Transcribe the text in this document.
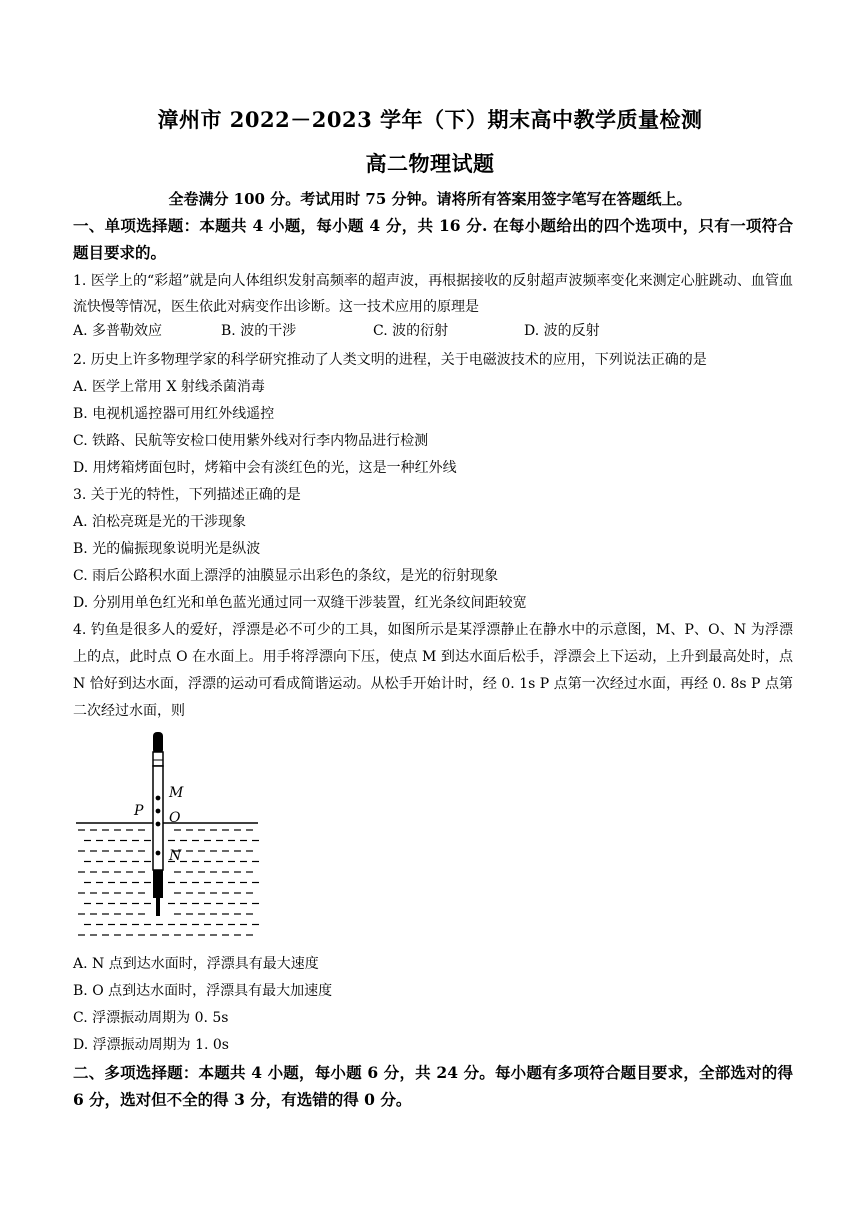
漳州市 2022－2023 学年（下）期末高中教学质量检测
高二物理试题
全卷满分 100 分。考试用时 75 分钟。请将所有答案用签字笔写在答题纸上。
一、单项选择题：本题共 4 小题，每小题 4 分，共 16 分. 在每小题给出的四个选项中，只有一项符合题目要求的。
1. 医学上的“彩超”就是向人体组织发射高频率的超声波，再根据接收的反射超声波频率变化来测定心脏跳动、血管血流快慢等情况，医生依此对病变作出诊断。这一技术应用的原理是
A. 多普勒效应	B. 波的干涉	C. 波的衍射	D. 波的反射
2. 历史上许多物理学家的科学研究推动了人类文明的进程，关于电磁波技术的应用，下列说法正确的是
A. 医学上常用 X 射线杀菌消毒
B. 电视机遥控器可用红外线遥控
C. 铁路、民航等安检口使用紫外线对行李内物品进行检测
D. 用烤箱烤面包时，烤箱中会有淡红色的光，这是一种红外线
3. 关于光的特性，下列描述正确的是
A. 泊松亮斑是光的干涉现象
B. 光的偏振现象说明光是纵波
C. 雨后公路积水面上漂浮的油膜显示出彩色的条纹，是光的衍射现象
D. 分别用单色红光和单色蓝光通过同一双缝干涉装置，红光条纹间距较宽
4. 钓鱼是很多人的爱好，浮漂是必不可少的工具，如图所示是某浮漂静止在静水中的示意图，M、P、O、N 为浮漂上的点，此时点 O 在水面上。用手将浮漂向下压，使点 M 到达水面后松手，浮漂会上下运动，上升到最高处时，点 N 恰好到达水面，浮漂的运动可看成简谐运动。从松手开始计时，经 0. 1s P 点第一次经过水面，再经 0. 8s P 点第二次经过水面，则
M
P O
N
A. N 点到达水面时，浮漂具有最大速度
B. O 点到达水面时，浮漂具有最大加速度
C. 浮漂振动周期为 0. 5s
D. 浮漂振动周期为 1. 0s
二、多项选择题：本题共 4 小题，每小题 6 分，共 24 分。每小题有多项符合题目要求，全部选对的得 6 分，选对但不全的得 3 分，有选错的得 0 分。
